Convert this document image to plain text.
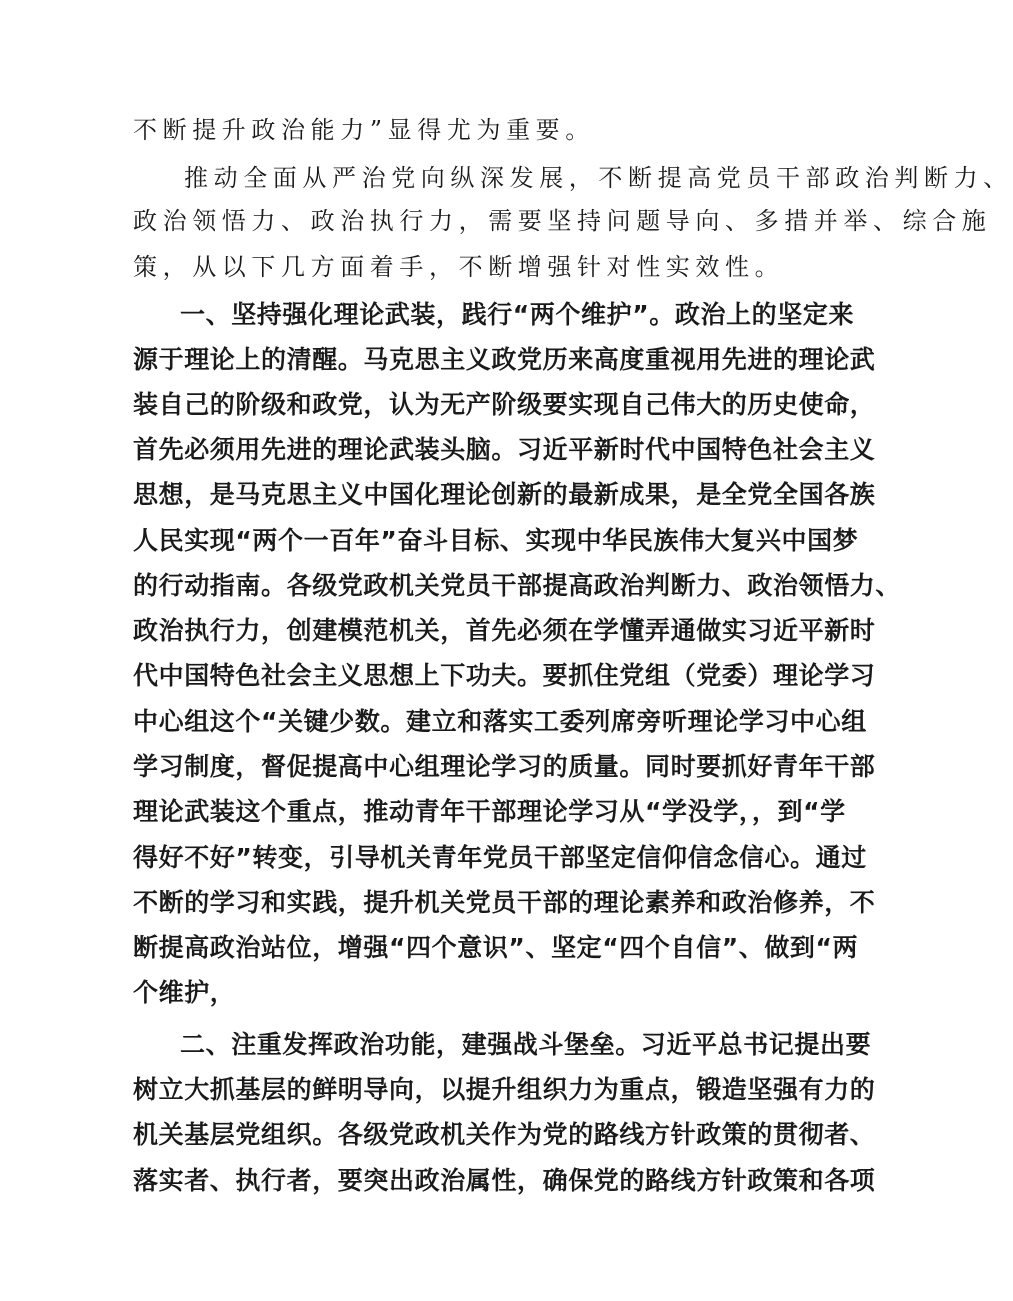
不断提升政治能力”显得尤为重要。
推动全面从严治党向纵深发展，不断提高党员干部政治判断力、
政治领悟力、政治执行力，需要坚持问题导向、多措并举、综合施
策，从以下几方面着手，不断增强针对性实效性。
一、坚持强化理论武装，践行“两个维护”。政治上的坚定来
源于理论上的清醒。马克思主义政党历来高度重视用先进的理论武
装自己的阶级和政党，认为无产阶级要实现自己伟大的历史使命，
首先必须用先进的理论武装头脑。习近平新时代中国特色社会主义
思想，是马克思主义中国化理论创新的最新成果，是全党全国各族
人民实现“两个一百年”奋斗目标、实现中华民族伟大复兴中国梦
的行动指南。各级党政机关党员干部提高政治判断力、政治领悟力、
政治执行力，创建模范机关，首先必须在学懂弄通做实习近平新时
代中国特色社会主义思想上下功夫。要抓住党组（党委）理论学习
中心组这个“关键少数。建立和落实工委列席旁听理论学习中心组
学习制度，督促提高中心组理论学习的质量。同时要抓好青年干部
理论武装这个重点，推动青年干部理论学习从“学没学，，到“学
得好不好”转变，引导机关青年党员干部坚定信仰信念信心。通过
不断的学习和实践，提升机关党员干部的理论素养和政治修养，不
断提高政治站位，增强“四个意识”、坚定“四个自信”、做到“两
个维护，
二、注重发挥政治功能，建强战斗堡垒。习近平总书记提出要
树立大抓基层的鲜明导向，以提升组织力为重点，锻造坚强有力的
机关基层党组织。各级党政机关作为党的路线方针政策的贯彻者、
落实者、执行者，要突出政治属性，确保党的路线方针政策和各项
